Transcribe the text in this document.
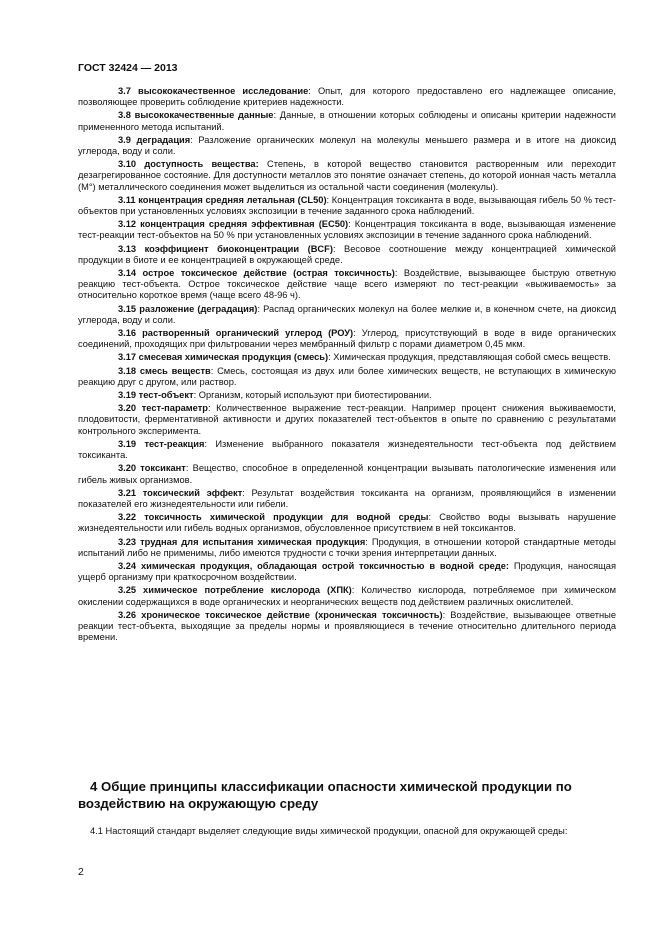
ГОСТ 32424 — 2013

3.7 высококачественное исследование: Опыт, для которого предоставлено его надлежащее описание, позволяющее проверить соблюдение критериев надежности.

3.8 высококачественные данные: Данные, в отношении которых соблюдены и описаны критерии надежности примененного метода испытаний.

3.9 деградация: Разложение органических молекул на молекулы меньшего размера и в итоге на диоксид углерода, воду и соли.

3.10 доступность вещества: Степень, в которой вещество становится растворенным или переходит дезагрегированное состояние. Для доступности металлов это понятие означает степень, до которой ионная часть металла (М°) металлического соединения может выделиться из остальной части соединения (молекулы).

3.11 концентрация средняя летальная (CL50): Концентрация токсиканта в воде, вызывающая гибель 50 % тест-объектов при установленных условиях экспозиции в течение заданного срока наблюдений.

3.12 концентрация средняя эффективная (EC50): Концентрация токсиканта в воде, вызывающая изменение тест-реакции тест-объектов на 50 % при установленных условиях экспозиции в течение заданного срока наблюдений.

3.13 коэффициент биоконцентрации (BCF): Весовое соотношение между концентрацией химической продукции в биоте и ее концентрацией в окружающей среде.

3.14 острое токсическое действие (острая токсичность): Воздействие, вызывающее быструю ответную реакцию тест-объекта. Острое токсическое действие чаще всего измеряют по тест-реакции «выживаемость» за относительно короткое время (чаще всего 48-96 ч).

3.15 разложение (деградация): Распад органических молекул на более мелкие и, в конечном счете, на диоксид углерода, воду и соли.

3.16 растворенный органический углерод (РОУ): Углерод, присутствующий в воде в виде органических соединений, проходящих при фильтровании через мембранный фильтр с порами диаметром 0,45 мкм.

3.17 смесевая химическая продукция (смесь): Химическая продукция, представляющая собой смесь веществ.

3.18 смесь веществ: Смесь, состоящая из двух или более химических веществ, не вступающих в химическую реакцию друг с другом, или раствор.

3.19 тест-объект: Организм, который используют при биотестировании.

3.20 тест-параметр: Количественное выражение тест-реакции. Например процент снижения выживаемости, плодовитости, ферментативной активности и других показателей тест-объектов в опыте по сравнению с результатами контрольного эксперимента.

3.19 тест-реакция: Изменение выбранного показателя жизнедеятельности тест-объекта под действием токсиканта.

3.20 токсикант: Вещество, способное в определенной концентрации вызывать патологические изменения или гибель живых организмов.

3.21 токсический эффект: Результат воздействия токсиканта на организм, проявляющийся в изменении показателей его жизнедеятельности или гибели.

3.22 токсичность химической продукции для водной среды: Свойство воды вызывать нарушение жизнедеятельности или гибель водных организмов, обусловленное присутствием в ней токсикантов.

3.23 трудная для испытания химическая продукция: Продукция, в отношении которой стандартные методы испытаний либо не применимы, либо имеются трудности с точки зрения интерпретации данных.

3.24 химическая продукция, обладающая острой токсичностью в водной среде: Продукция, наносящая ущерб организму при краткосрочном воздействии.

3.25 химическое потребление кислорода (ХПК): Количество кислорода, потребляемое при химическом окислении содержащихся в воде органических и неорганических веществ под действием различных окислителей.

3.26 хроническое токсическое действие (хроническая токсичность): Воздействие, вызывающее ответные реакции тест-объекта, выходящие за пределы нормы и проявляющиеся в течение относительно длительного периода времени.

4 Общие принципы классификации опасности химической продукции по воздействию на окружающую среду

4.1 Настоящий стандарт выделяет следующие виды химической продукции, опасной для окружающей среды:

2
